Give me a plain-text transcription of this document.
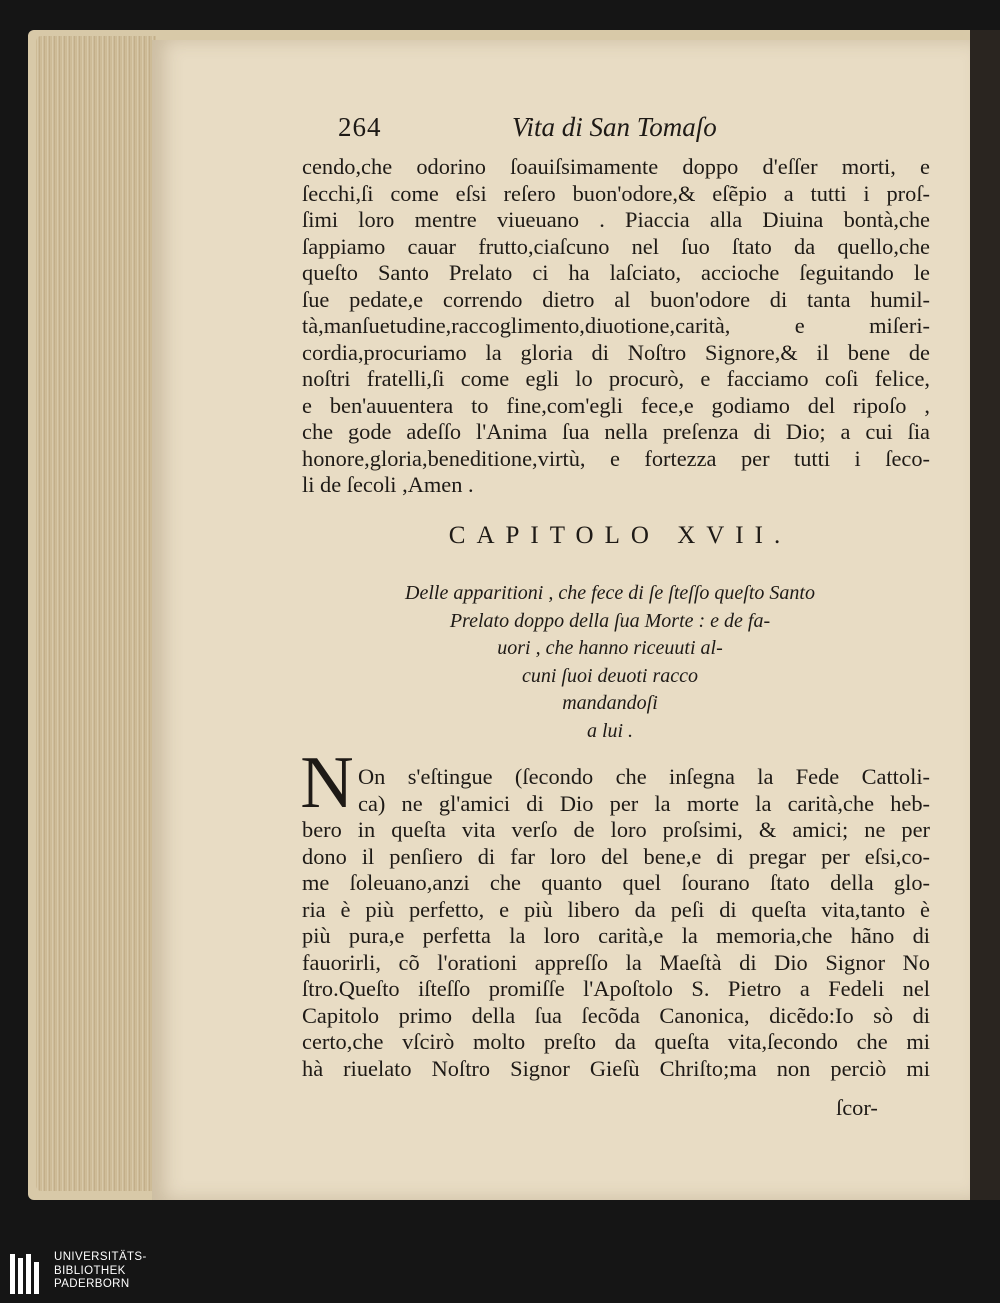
264	Vita di San Tomaſo
cendo,che odorino ſoauiſsimamente doppo d'eſſer morti, e
ſecchi,ſi come eſsi reſero buon'odore,& eſẽpio a tutti i proſ-
ſimi loro mentre viueuano . Piaccia alla Diuina bontà,che
ſappiamo cauar frutto,ciaſcuno nel ſuo ſtato da quello,che
queſto Santo Prelato ci ha laſciato, accioche ſeguitando le
ſue pedate,e correndo dietro al buon'odore di tanta humil-
tà,manſuetudine,raccoglimento,diuotione,carità, e miſeri-
cordia,procuriamo la gloria di Noſtro Signore,& il bene de
noſtri fratelli,ſi come egli lo procurò, e facciamo coſi felice,
e ben'auuentera to fine,com'egli fece,e godiamo del ripoſo ,
che gode adeſſo l'Anima ſua nella preſenza di Dio; a cui ſia
honore,gloria,beneditione,virtù, e fortezza per tutti i ſeco-
li de ſecoli ,Amen .
CAPITOLO XVII.
Delle apparitioni , che fece di ſe ſteſſo queſto Santo
Prelato doppo della ſua Morte : e de fa-
uori , che hanno riceuuti al-
cuni ſuoi deuoti racco
mandandoſi
a lui .
N On s'eſtingue (ſecondo che inſegna la Fede Cattoli-
ca) ne gl'amici di Dio per la morte la carità,che heb-
bero in queſta vita verſo de loro proſsimi, & amici; ne per
dono il penſiero di far loro del bene,e di pregar per eſsi,co-
me ſoleuano,anzi che quanto quel ſourano ſtato della glo-
ria è più perfetto, e più libero da peſi di queſta vita,tanto è
più pura,e perfetta la loro carità,e la memoria,che hãno di
fauorirli, cõ l'orationi appreſſo la Maeſtà di Dio Signor No
ſtro.Queſto iſteſſo promiſſe l'Apoſtolo S. Pietro a Fedeli nel
Capitolo primo della ſua ſecõda Canonica, dicẽdo:Io sò di
certo,che vſcirò molto preſto da queſta vita,ſecondo che mi
hà riuelato Noſtro Signor Gieſù Chriſto;ma non perciò mi
ſcor-
UNIVERSITÄTS-
BIBLIOTHEK
PADERBORN
